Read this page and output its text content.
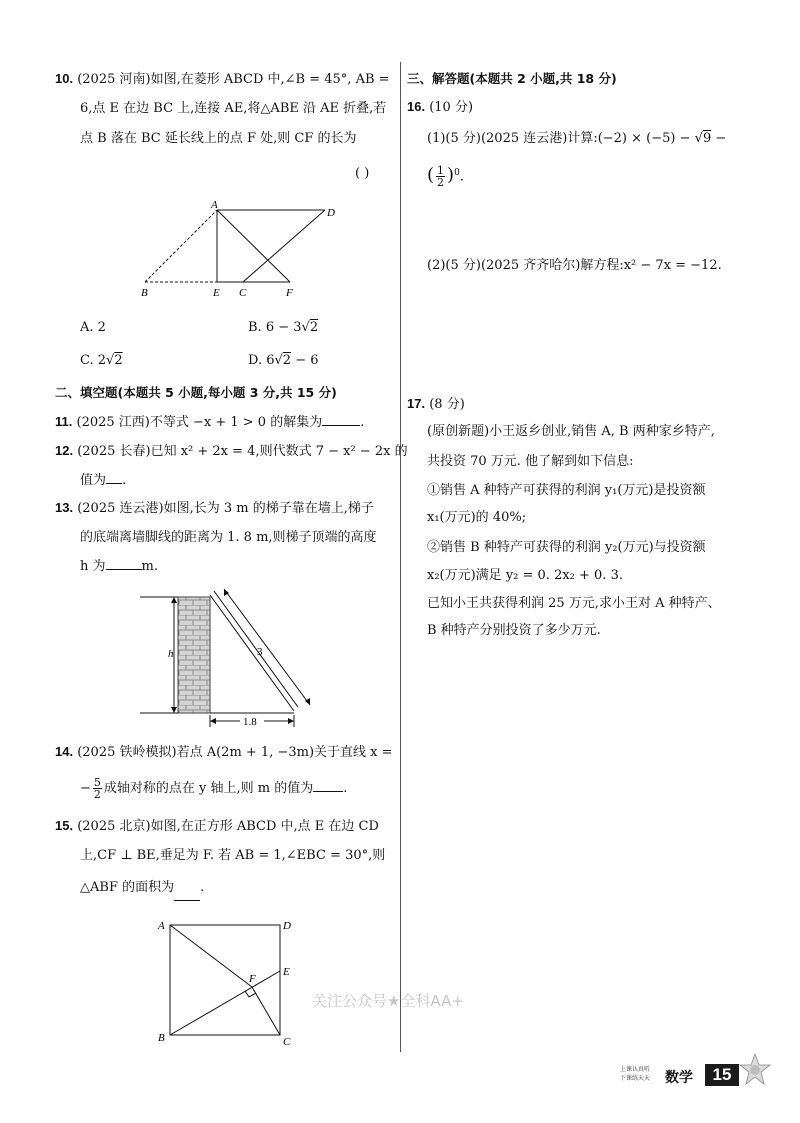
10. (2025 河南)如图,在菱形 ABCD 中,∠B = 45°, AB =
6,点 E 在边 BC 上,连接 AE,将△ABE 沿 AE 折叠,若
点 B 落在 BC 延长线上的点 F 处,则 CF 的长为
( )
A
D
B	E C	F
A. 2	B. 6 − 3√2
C. 2√2	D. 6√2 − 6
二、填空题(本题共 5 小题,每小题 3 分,共 15 分)
11. (2025 江西)不等式 −x + 1 > 0 的解集为	.
12. (2025 长春)已知 x² + 2x = 4,则代数式 7 − x² − 2x 的
值为 .
13. (2025 连云港)如图,长为 3 m 的梯子靠在墙上,梯子
的底端离墙脚线的距离为 1. 8 m,则梯子顶端的高度
h 为	m.
h	3
1.8
14. (2025 铁岭模拟)若点 A(2m + 1, −3m)关于直线 x =
− $\frac{5}{2}$ 成轴对称的点在 y 轴上,则 m 的值为 .
15. (2025 北京)如图,在正方形 ABCD 中,点 E 在边 CD
上,CF ⊥ BE,垂足为 F. 若 AB = 1,∠EBC = 30°,则
△ABF 的面积为 .
A	D
B	C
E
F
三、解答题(本题共 2 小题,共 18 分)
16. (10 分)
(1)(5 分)(2025 连云港)计算:(−2) × (−5) − √9 −
( $\frac{1}{2} )^0$.
(2)(5 分)(2025 齐齐哈尔)解方程:x² − 7x = −12.
17. (8 分)
(原创新题)小王返乡创业,销售 A, B 两种家乡特产,
共投资 70 万元. 他了解到如下信息:
①销售 A 种特产可获得的利润 y₁(万元)是投资额
x₁(万元)的 40%;
②销售 B 种特产可获得的利润 y₂(万元)与投资额
x₂(万元)满足 y₂ = 0. 2x₂ + 0. 3.
已知小王共获得利润 25 万元,求小王对 A 种特产、
B 种特产分别投资了多少万元.
关注公众号★全科AA+
上课认真听
下课练天天 数学	15
